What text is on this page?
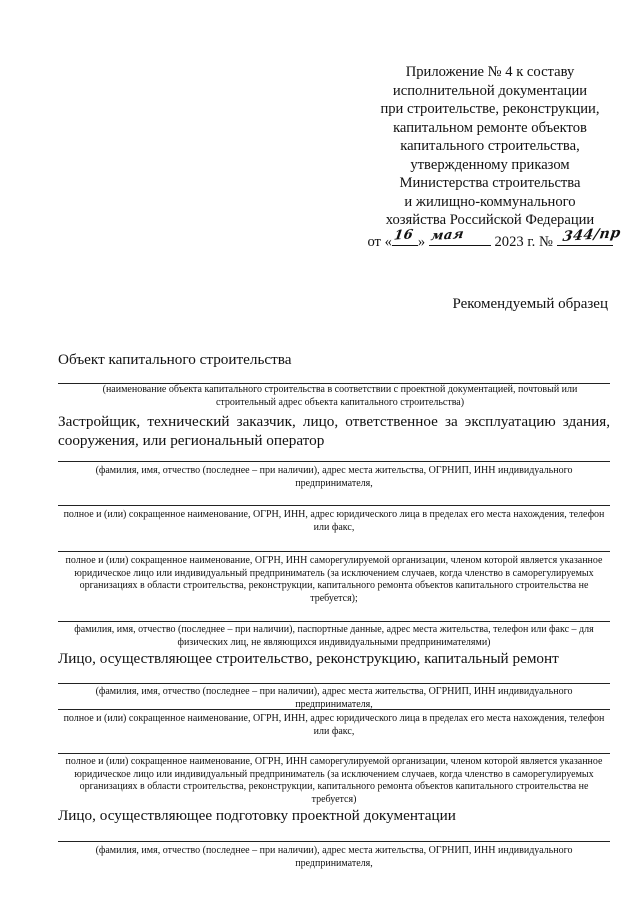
Приложение № 4 к составу
исполнительной документации
при строительстве, реконструкции,
капитальном ремонте объектов
капитального строительства,
утвержденному приказом
Министерства строительства
и жилищно-коммунального
хозяйства Российской Федерации
от « 16 » мая 2023 г. № 344/пр
Рекомендуемый образец
Объект капитального строительства
(наименование объекта капитального строительства в соответствии с проектной документацией, почтовый или строительный адрес объекта капитального строительства)
Застройщик, технический заказчик, лицо, ответственное за эксплуатацию здания, сооружения, или региональный оператор
(фамилия, имя, отчество (последнее – при наличии), адрес места жительства, ОГРНИП, ИНН индивидуального предпринимателя,
полное и (или) сокращенное наименование, ОГРН, ИНН, адрес юридического лица в пределах его места нахождения, телефон или факс,
полное и (или) сокращенное наименование, ОГРН, ИНН саморегулируемой организации, членом которой является указанное юридическое лицо или индивидуальный предприниматель (за исключением случаев, когда членство в саморегулируемых организациях в области строительства, реконструкции, капитального ремонта объектов капитального строительства не требуется);
фамилия, имя, отчество (последнее – при наличии), паспортные данные, адрес места жительства, телефон или факс – для физических лиц, не являющихся индивидуальными предпринимателями)
Лицо, осуществляющее строительство, реконструкцию, капитальный ремонт
(фамилия, имя, отчество (последнее – при наличии), адрес места жительства, ОГРНИП, ИНН индивидуального предпринимателя,
полное и (или) сокращенное наименование, ОГРН, ИНН, адрес юридического лица в пределах его места нахождения, телефон или факс,
полное и (или) сокращенное наименование, ОГРН, ИНН саморегулируемой организации, членом которой является указанное юридическое лицо или индивидуальный предприниматель (за исключением случаев, когда членство в саморегулируемых организациях в области строительства, реконструкции, капитального ремонта объектов капитального строительства не требуется)
Лицо, осуществляющее подготовку проектной документации
(фамилия, имя, отчество (последнее – при наличии), адрес места жительства, ОГРНИП, ИНН индивидуального предпринимателя,
